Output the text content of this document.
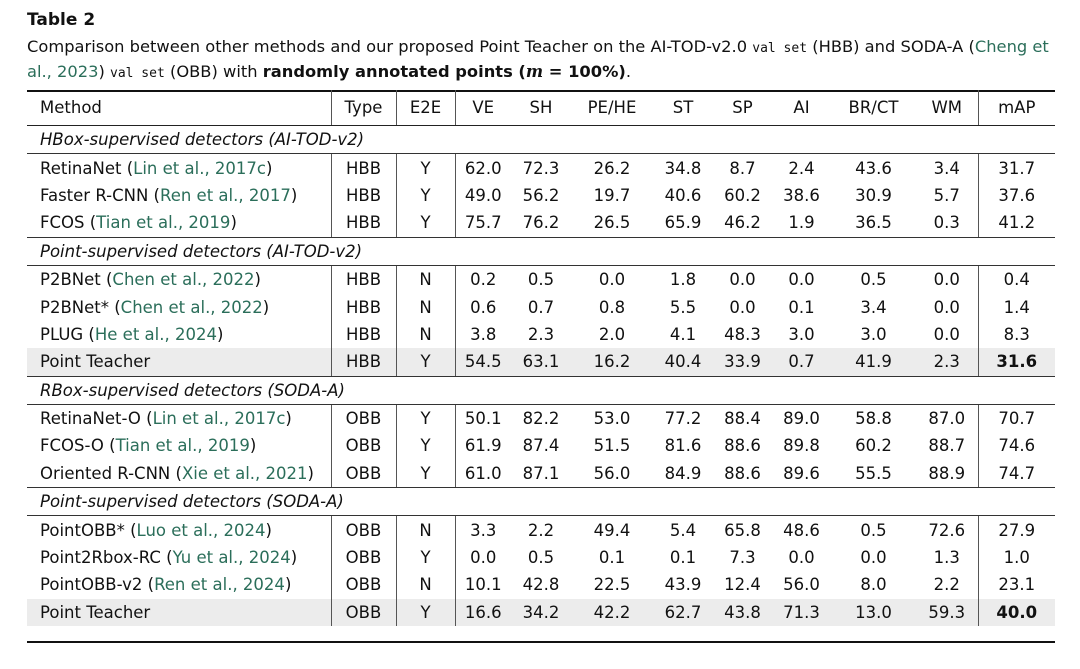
Table 2
Comparison between other methods and our proposed Point Teacher on the AI-TOD-v2.0 val set (HBB) and SODA-A (Cheng et al., 2023) val set (OBB) with randomly annotated points (m = 100%).
Method	Type	E2E	VE	SH	PE/HE	ST	SP	AI	BR/CT	WM	mAP
HBox-supervised detectors (AI-TOD-v2)											
RetinaNet (Lin et al., 2017c)	HBB	Y	62.0	72.3	26.2	34.8	8.7	2.4	43.6	3.4	31.7
Faster R-CNN (Ren et al., 2017)	HBB	Y	49.0	56.2	19.7	40.6	60.2	38.6	30.9	5.7	37.6
FCOS (Tian et al., 2019)	HBB	Y	75.7	76.2	26.5	65.9	46.2	1.9	36.5	0.3	41.2
Point-supervised detectors (AI-TOD-v2)											
P2BNet (Chen et al., 2022)	HBB	N	0.2	0.5	0.0	1.8	0.0	0.0	0.5	0.0	0.4
P2BNet* (Chen et al., 2022)	HBB	N	0.6	0.7	0.8	5.5	0.0	0.1	3.4	0.0	1.4
PLUG (He et al., 2024)	HBB	N	3.8	2.3	2.0	4.1	48.3	3.0	3.0	0.0	8.3
Point Teacher	HBB	Y	54.5	63.1	16.2	40.4	33.9	0.7	41.9	2.3	31.6
RBox-supervised detectors (SODA-A)											
RetinaNet-O (Lin et al., 2017c)	OBB	Y	50.1	82.2	53.0	77.2	88.4	89.0	58.8	87.0	70.7
FCOS-O (Tian et al., 2019)	OBB	Y	61.9	87.4	51.5	81.6	88.6	89.8	60.2	88.7	74.6
Oriented R-CNN (Xie et al., 2021)	OBB	Y	61.0	87.1	56.0	84.9	88.6	89.6	55.5	88.9	74.7
Point-supervised detectors (SODA-A)											
PointOBB* (Luo et al., 2024)	OBB	N	3.3	2.2	49.4	5.4	65.8	48.6	0.5	72.6	27.9
Point2Rbox-RC (Yu et al., 2024)	OBB	Y	0.0	0.5	0.1	0.1	7.3	0.0	0.0	1.3	1.0
PointOBB-v2 (Ren et al., 2024)	OBB	N	10.1	42.8	22.5	43.9	12.4	56.0	8.0	2.2	23.1
Point Teacher	OBB	Y	16.6	34.2	42.2	62.7	43.8	71.3	13.0	59.3	40.0
